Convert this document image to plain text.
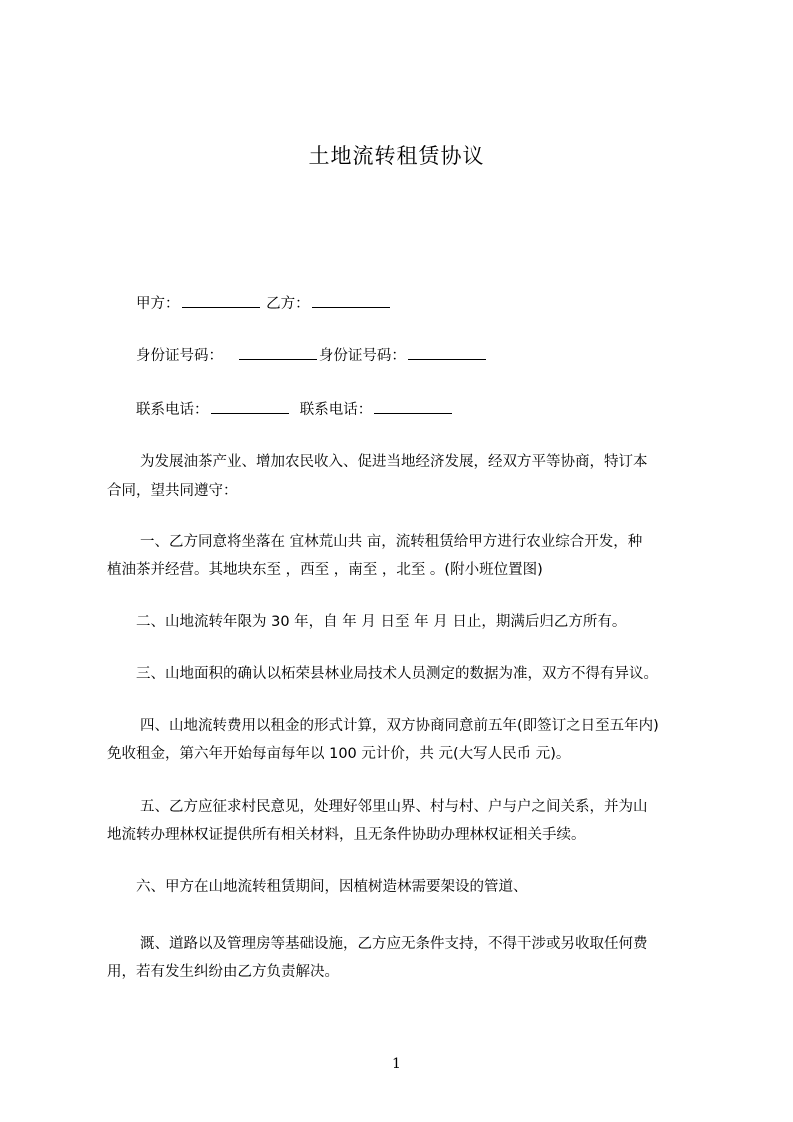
土地流转租赁协议
甲方：	乙方：
身份证号码：	身份证号码：
联系电话：	联系电话：
为发展油茶产业、增加农民收入、促进当地经济发展，经双方平等协商，特订本
合同，望共同遵守：
一、乙方同意将坐落在 宜林荒山共 亩，流转租赁给甲方进行农业综合开发，种
植油茶并经营。其地块东至 ，西至 ，南至 ，北至 。(附小班位置图)
二、山地流转年限为 30 年，自 年 月 日至 年 月 日止，期满后归乙方所有。
三、山地面积的确认以柘荣县林业局技术人员测定的数据为准，双方不得有异议。
四、山地流转费用以租金的形式计算，双方协商同意前五年(即签订之日至五年内)
免收租金，第六年开始每亩每年以 100 元计价，共 元(大写人民币 元)。
五、乙方应征求村民意见，处理好邻里山界、村与村、户与户之间关系，并为山
地流转办理林权证提供所有相关材料，且无条件协助办理林权证相关手续。
六、甲方在山地流转租赁期间，因植树造林需要架设的管道、
溉、道路以及管理房等基础设施，乙方应无条件支持，不得干涉或另收取任何费
用，若有发生纠纷由乙方负责解决。
1
